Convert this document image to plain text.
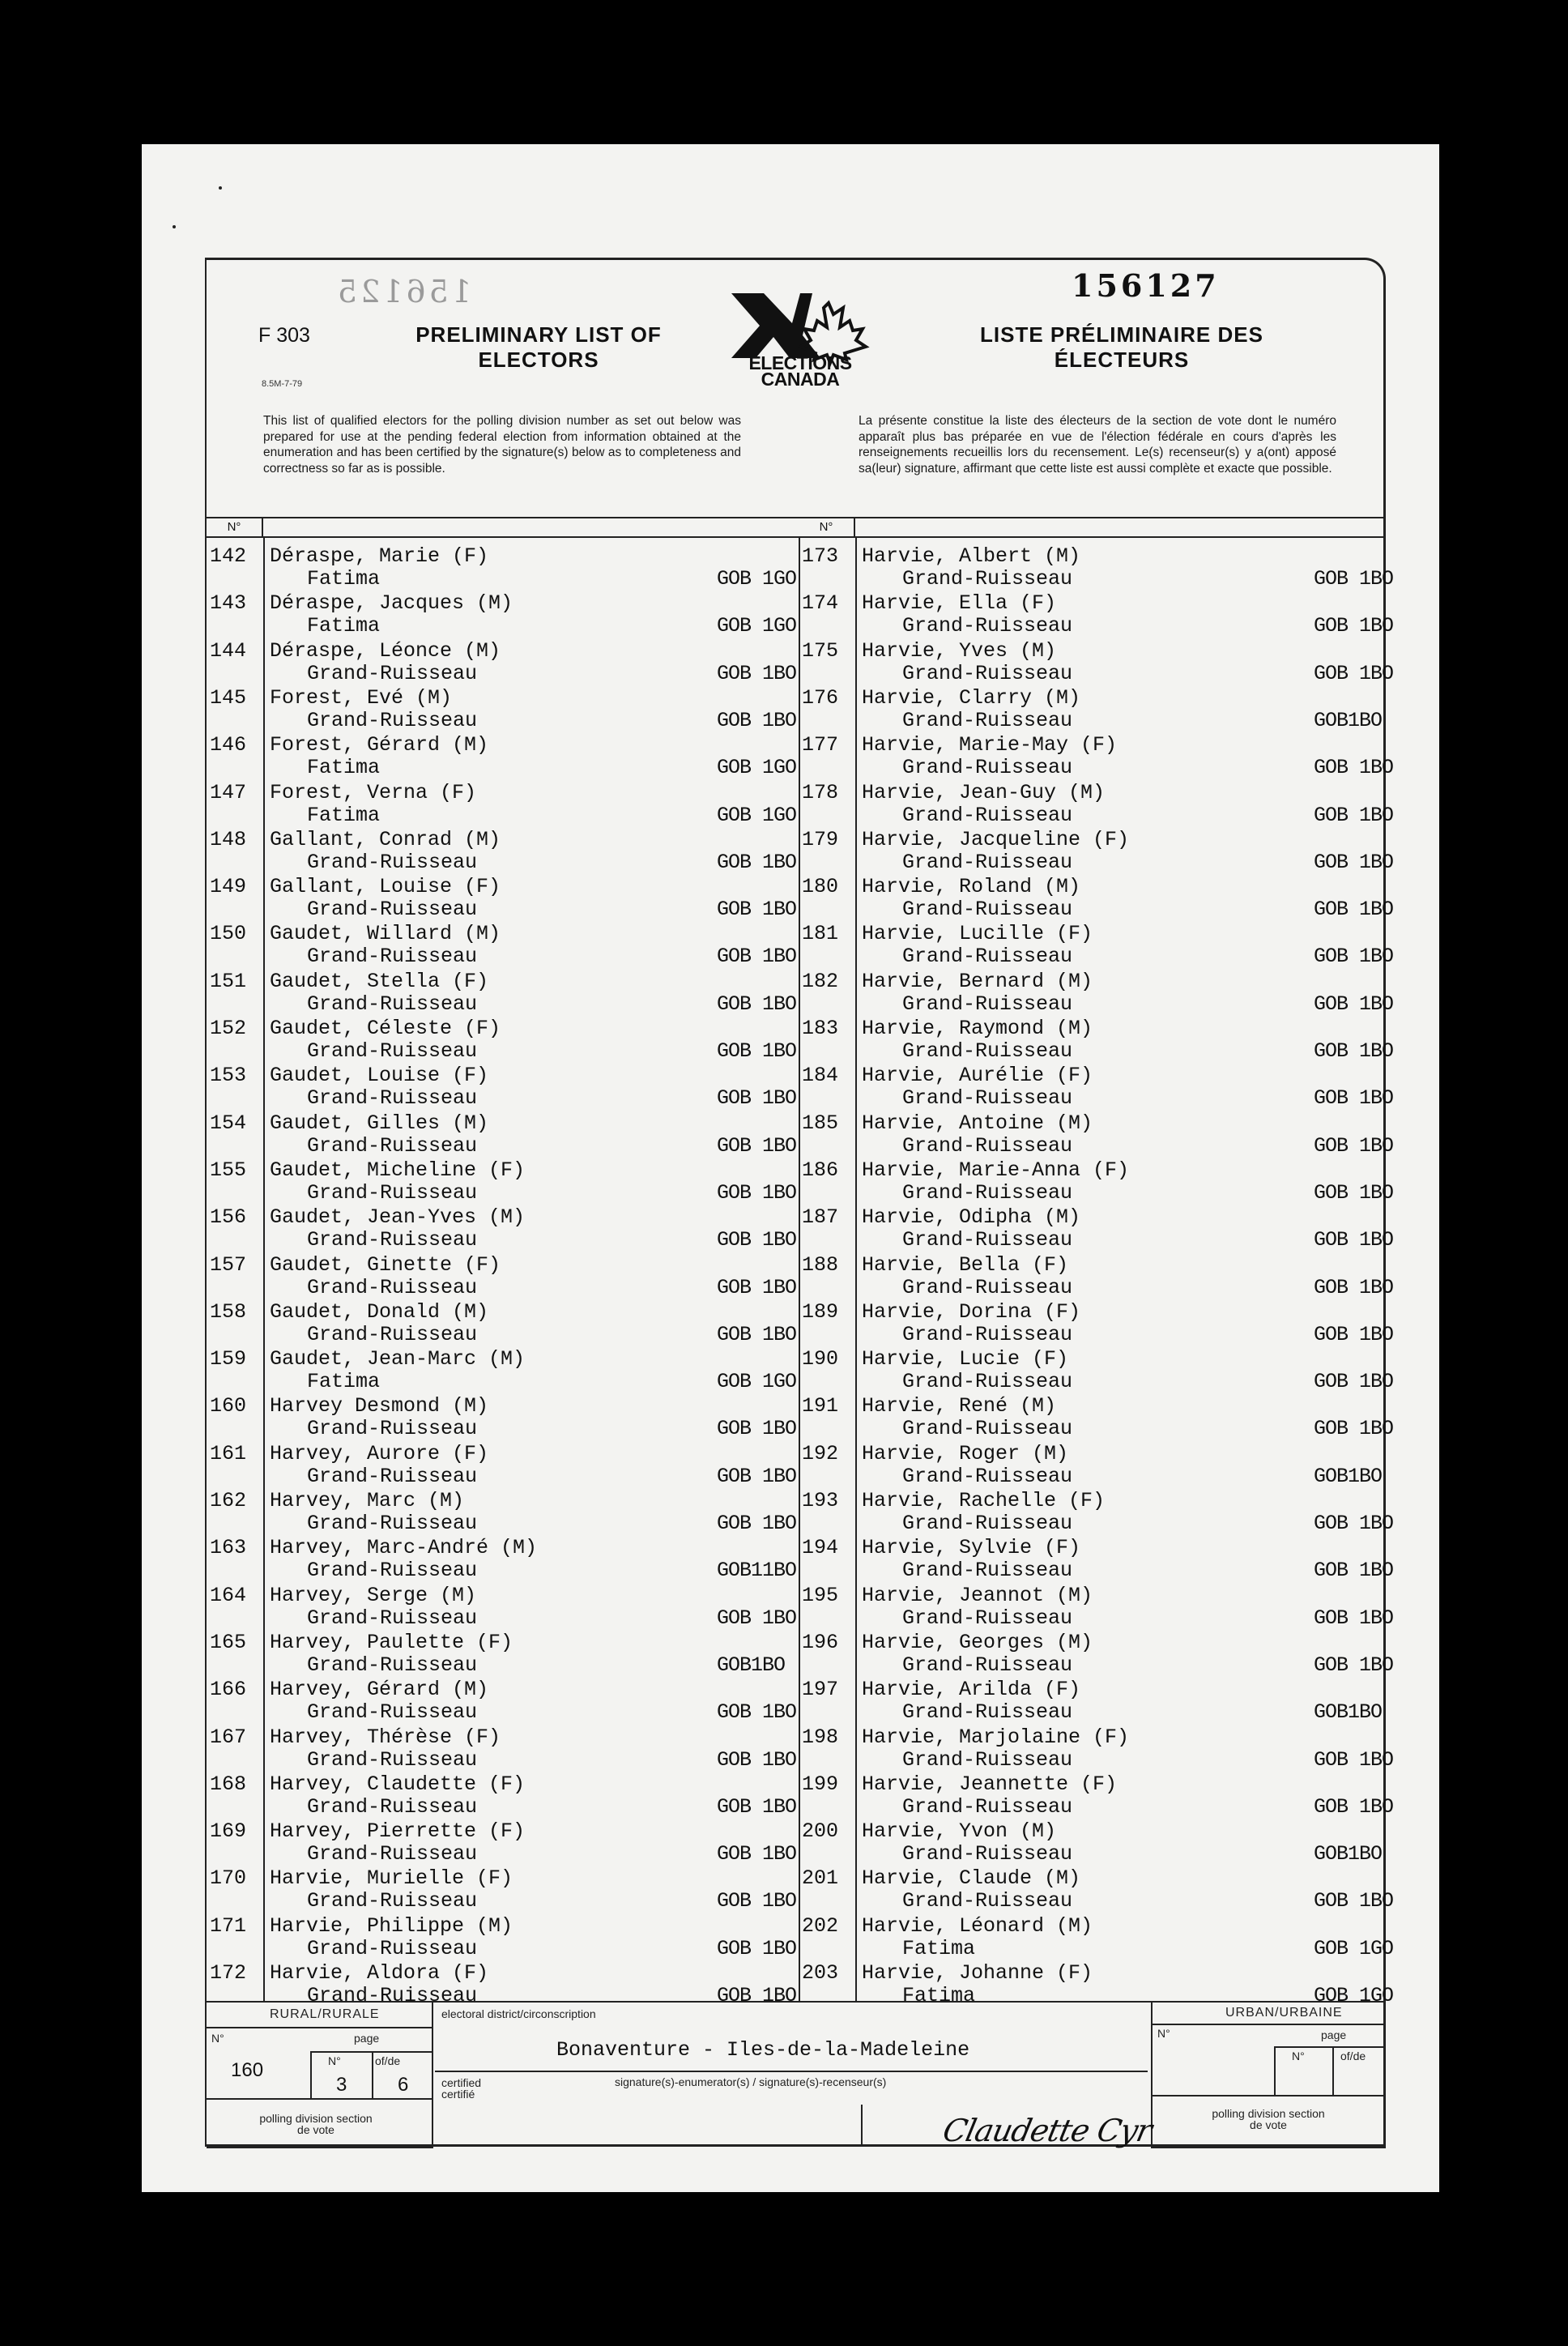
156125	156127
F 303
8.5M-7-79
PRELIMINARY LIST OF ELECTORS
LISTE PRÉLIMINAIRE DES ÉLECTEURS
ELECTIONS
CANADA
This list of qualified electors for the polling division number as set out below was prepared for use at the pending federal election from information obtained at the enumeration and has been certified by the signature(s) below as to completeness and correctness so far as is possible.
La présente constitue la liste des électeurs de la section de vote dont le numéro apparaît plus bas préparée en vue de l'élection fédérale en cours d'après les renseignements recueillis lors du recensement. Le(s) recenseur(s) y a(ont) apposé sa(leur) signature, affirmant que cette liste est aussi complète et exacte que possible.
N°
142 Déraspe, Marie (F)
Fatima	GOB 1GO
143 Déraspe, Jacques (M)
Fatima	GOB 1GO
144 Déraspe, Léonce (M)
Grand-Ruisseau	GOB 1BO
145 Forest, Evé (M)
Grand-Ruisseau	GOB 1BO
146 Forest, Gérard (M)
Fatima	GOB 1GO
147 Forest, Verna (F)
Fatima	GOB 1GO
148 Gallant, Conrad (M)
Grand-Ruisseau	GOB 1BO
149 Gallant, Louise (F)
Grand-Ruisseau	GOB 1BO
150 Gaudet, Willard (M)
Grand-Ruisseau	GOB 1BO
151 Gaudet, Stella (F)
Grand-Ruisseau	GOB 1BO
152 Gaudet, Céleste (F)
Grand-Ruisseau	GOB 1BO
153 Gaudet, Louise (F)
Grand-Ruisseau	GOB 1BO
154 Gaudet, Gilles (M)
Grand-Ruisseau	GOB 1BO
155 Gaudet, Micheline (F)
Grand-Ruisseau	GOB 1BO
156 Gaudet, Jean-Yves (M)
Grand-Ruisseau	GOB 1BO
157 Gaudet, Ginette (F)
Grand-Ruisseau	GOB 1BO
158 Gaudet, Donald (M)
Grand-Ruisseau	GOB 1BO
159 Gaudet, Jean-Marc (M)
Fatima	GOB 1GO
160 Harvey Desmond (M)
Grand-Ruisseau	GOB 1BO
161 Harvey, Aurore (F)
Grand-Ruisseau	GOB 1BO
162 Harvey, Marc (M)
Grand-Ruisseau	GOB 1BO
163 Harvey, Marc-André (M)
Grand-Ruisseau	GOB11BO
164 Harvey, Serge (M)
Grand-Ruisseau	GOB 1BO
165 Harvey, Paulette (F)
Grand-Ruisseau	GOB1BO
166 Harvey, Gérard (M)
Grand-Ruisseau	GOB 1BO
167 Harvey, Thérèse (F)
Grand-Ruisseau	GOB 1BO
168 Harvey, Claudette (F)
Grand-Ruisseau	GOB 1BO
169 Harvey, Pierrette (F)
Grand-Ruisseau	GOB 1BO
170 Harvie, Murielle (F)
Grand-Ruisseau	GOB 1BO
171 Harvie, Philippe (M)
Grand-Ruisseau	GOB 1BO
172 Harvie, Aldora (F)
Grand-Ruisseau	GOB 1BO
N°
173 Harvie, Albert (M)
Grand-Ruisseau	GOB 1BO
174 Harvie, Ella (F)
Grand-Ruisseau	GOB 1BO
175 Harvie, Yves (M)
Grand-Ruisseau	GOB 1BO
176 Harvie, Clarry (M)
Grand-Ruisseau	GOB1BO
177 Harvie, Marie-May (F)
Grand-Ruisseau	GOB 1BO
178 Harvie, Jean-Guy (M)
Grand-Ruisseau	GOB 1BO
179 Harvie, Jacqueline (F)
Grand-Ruisseau	GOB 1BO
180 Harvie, Roland (M)
Grand-Ruisseau	GOB 1BO
181 Harvie, Lucille (F)
Grand-Ruisseau	GOB 1BO
182 Harvie, Bernard (M)
Grand-Ruisseau	GOB 1BO
183 Harvie, Raymond (M)
Grand-Ruisseau	GOB 1BO
184 Harvie, Aurélie (F)
Grand-Ruisseau	GOB 1BO
185 Harvie, Antoine (M)
Grand-Ruisseau	GOB 1BO
186 Harvie, Marie-Anna (F)
Grand-Ruisseau	GOB 1BO
187 Harvie, Odipha (M)
Grand-Ruisseau	GOB 1BO
188 Harvie, Bella (F)
Grand-Ruisseau	GOB 1BO
189 Harvie, Dorina (F)
Grand-Ruisseau	GOB 1BO
190 Harvie, Lucie (F)
Grand-Ruisseau	GOB 1BO
191 Harvie, René (M)
Grand-Ruisseau	GOB 1BO
192 Harvie, Roger (M)
Grand-Ruisseau	GOB1BO
193 Harvie, Rachelle (F)
Grand-Ruisseau	GOB 1BO
194 Harvie, Sylvie (F)
Grand-Ruisseau	GOB 1BO
195 Harvie, Jeannot (M)
Grand-Ruisseau	GOB 1BO
196 Harvie, Georges (M)
Grand-Ruisseau	GOB 1BO
197 Harvie, Arilda (F)
Grand-Ruisseau	GOB1BO
198 Harvie, Marjolaine (F)
Grand-Ruisseau	GOB 1BO
199 Harvie, Jeannette (F)
Grand-Ruisseau	GOB 1BO
200 Harvie, Yvon (M)
Grand-Ruisseau	GOB1BO
201 Harvie, Claude (M)
Grand-Ruisseau	GOB 1BO
202 Harvie, Léonard (M)
Fatima	GOB 1GO
203 Harvie, Johanne (F)
Fatima	GOB 1GO
RURAL/RURALE
N°	page
160	N°	of/de
3	6
polling division section de vote
electoral district/circonscription
Bonaventure - Iles-de-la-Madeleine
certified certifié
signature(s)-enumerator(s) / signature(s)-recenseur(s)
URBAN/URBAINE
N°	page
N°	of/de
polling division section de vote
Claudette Cyr
